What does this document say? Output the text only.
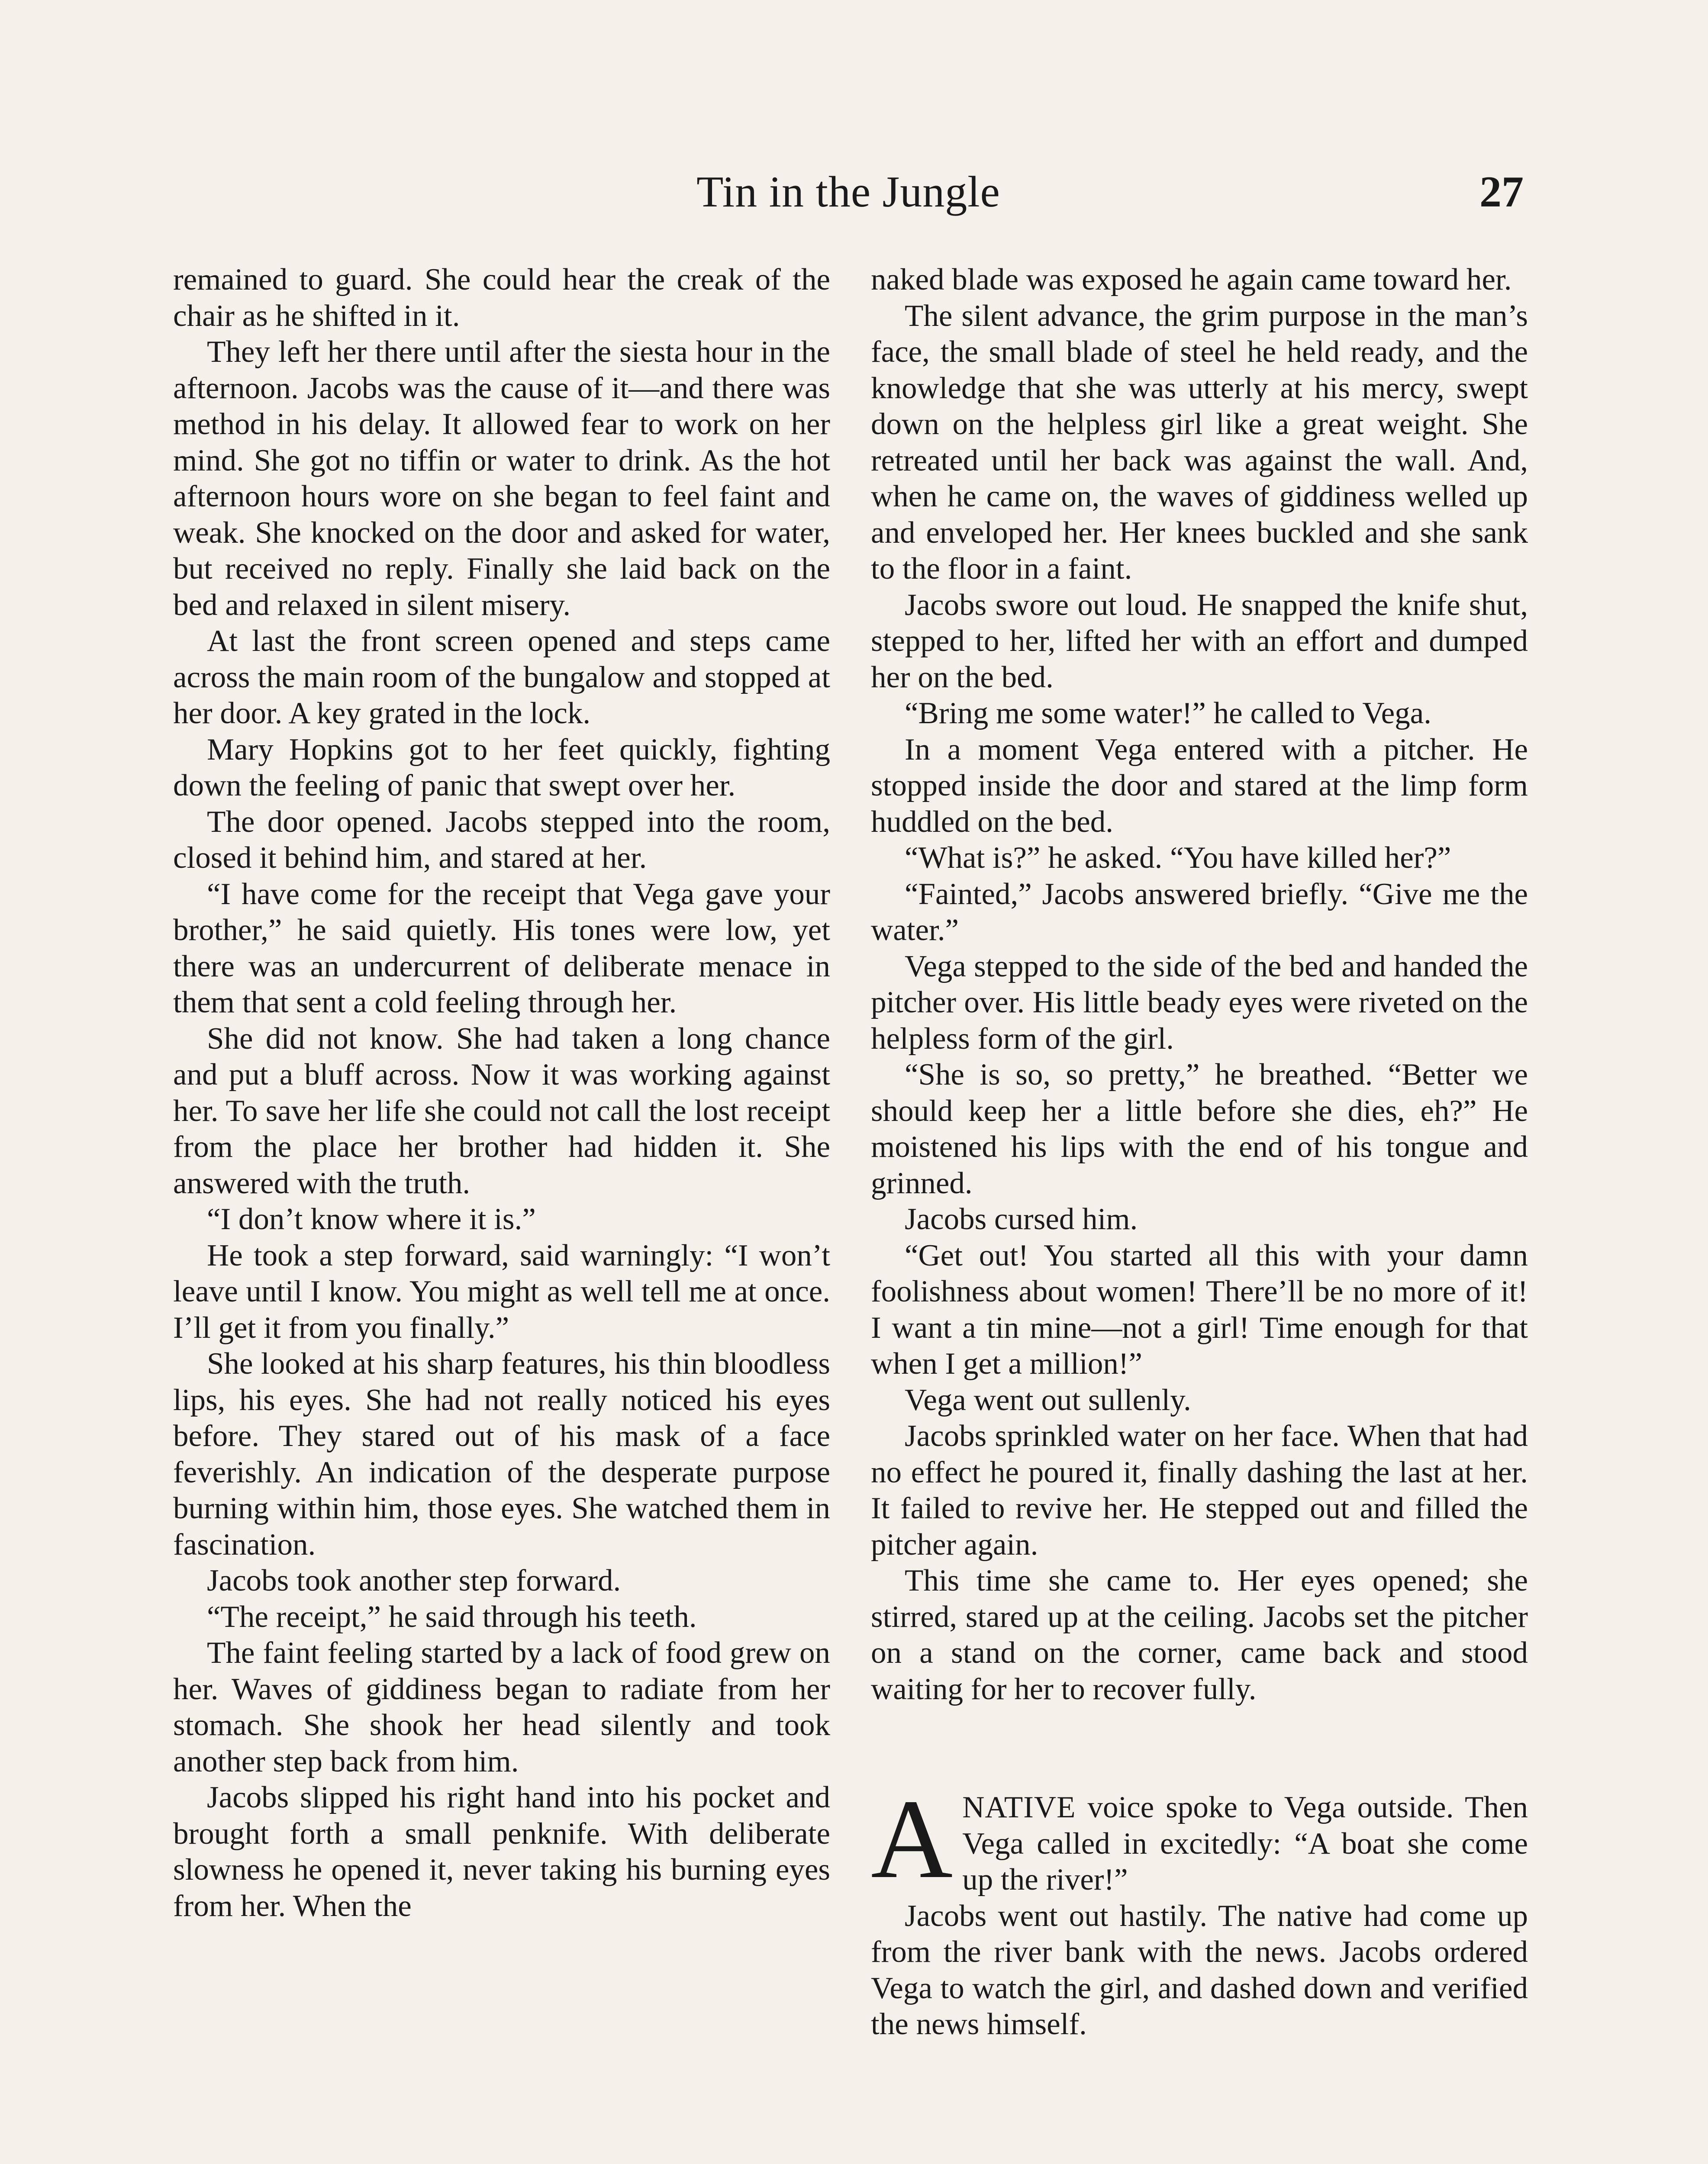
Tin in the Jungle	27

remained to guard. She could hear the creak of the chair as he shifted in it.

They left her there until after the siesta hour in the afternoon. Jacobs was the cause of it—and there was method in his delay. It allowed fear to work on her mind. She got no tiffin or water to drink. As the hot afternoon hours wore on she began to feel faint and weak. She knocked on the door and asked for water, but received no reply. Finally she laid back on the bed and relaxed in silent misery.

At last the front screen opened and steps came across the main room of the bungalow and stopped at her door. A key grated in the lock.

Mary Hopkins got to her feet quickly, fighting down the feeling of panic that swept over her.

The door opened. Jacobs stepped into the room, closed it behind him, and stared at her.

“I have come for the receipt that Vega gave your brother,” he said quietly. His tones were low, yet there was an undercurrent of deliberate menace in them that sent a cold feeling through her.

She did not know. She had taken a long chance and put a bluff across. Now it was working against her. To save her life she could not call the lost receipt from the place her brother had hidden it. She answered with the truth.

“I don’t know where it is.”

He took a step forward, said warningly: “I won’t leave until I know. You might as well tell me at once. I’ll get it from you finally.”

She looked at his sharp features, his thin bloodless lips, his eyes. She had not really noticed his eyes before. They stared out of his mask of a face feverishly. An indication of the desperate purpose burning within him, those eyes. She watched them in fascination.

Jacobs took another step forward.

“The receipt,” he said through his teeth.

The faint feeling started by a lack of food grew on her. Waves of giddiness began to radiate from her stomach. She shook her head silently and took another step back from him.

Jacobs slipped his right hand into his pocket and brought forth a small penknife. With deliberate slowness he opened it, never taking his burning eyes from her. When the

naked blade was exposed he again came toward her.

The silent advance, the grim purpose in the man’s face, the small blade of steel he held ready, and the knowledge that she was utterly at his mercy, swept down on the helpless girl like a great weight. She retreated until her back was against the wall. And, when he came on, the waves of giddiness welled up and enveloped her. Her knees buckled and she sank to the floor in a faint.

Jacobs swore out loud. He snapped the knife shut, stepped to her, lifted her with an effort and dumped her on the bed.

“Bring me some water!” he called to Vega.

In a moment Vega entered with a pitcher. He stopped inside the door and stared at the limp form huddled on the bed.

“What is?” he asked. “You have killed her?”

“Fainted,” Jacobs answered briefly. “Give me the water.”

Vega stepped to the side of the bed and handed the pitcher over. His little beady eyes were riveted on the helpless form of the girl.

“She is so, so pretty,” he breathed. “Better we should keep her a little before she dies, eh?” He moistened his lips with the end of his tongue and grinned.

Jacobs cursed him.

“Get out! You started all this with your damn foolishness about women! There’ll be no more of it! I want a tin mine—not a girl! Time enough for that when I get a million!”

Vega went out sullenly.

Jacobs sprinkled water on her face. When that had no effect he poured it, finally dashing the last at her. It failed to revive her. He stepped out and filled the pitcher again.

This time she came to. Her eyes opened; she stirred, stared up at the ceiling. Jacobs set the pitcher on a stand on the corner, came back and stood waiting for her to recover fully.

ANATIVE voice spoke to Vega outside. Then Vega called in excitedly: “A boat she come up the river!”

Jacobs went out hastily. The native had come up from the river bank with the news. Jacobs ordered Vega to watch the girl, and dashed down and verified the news himself.
